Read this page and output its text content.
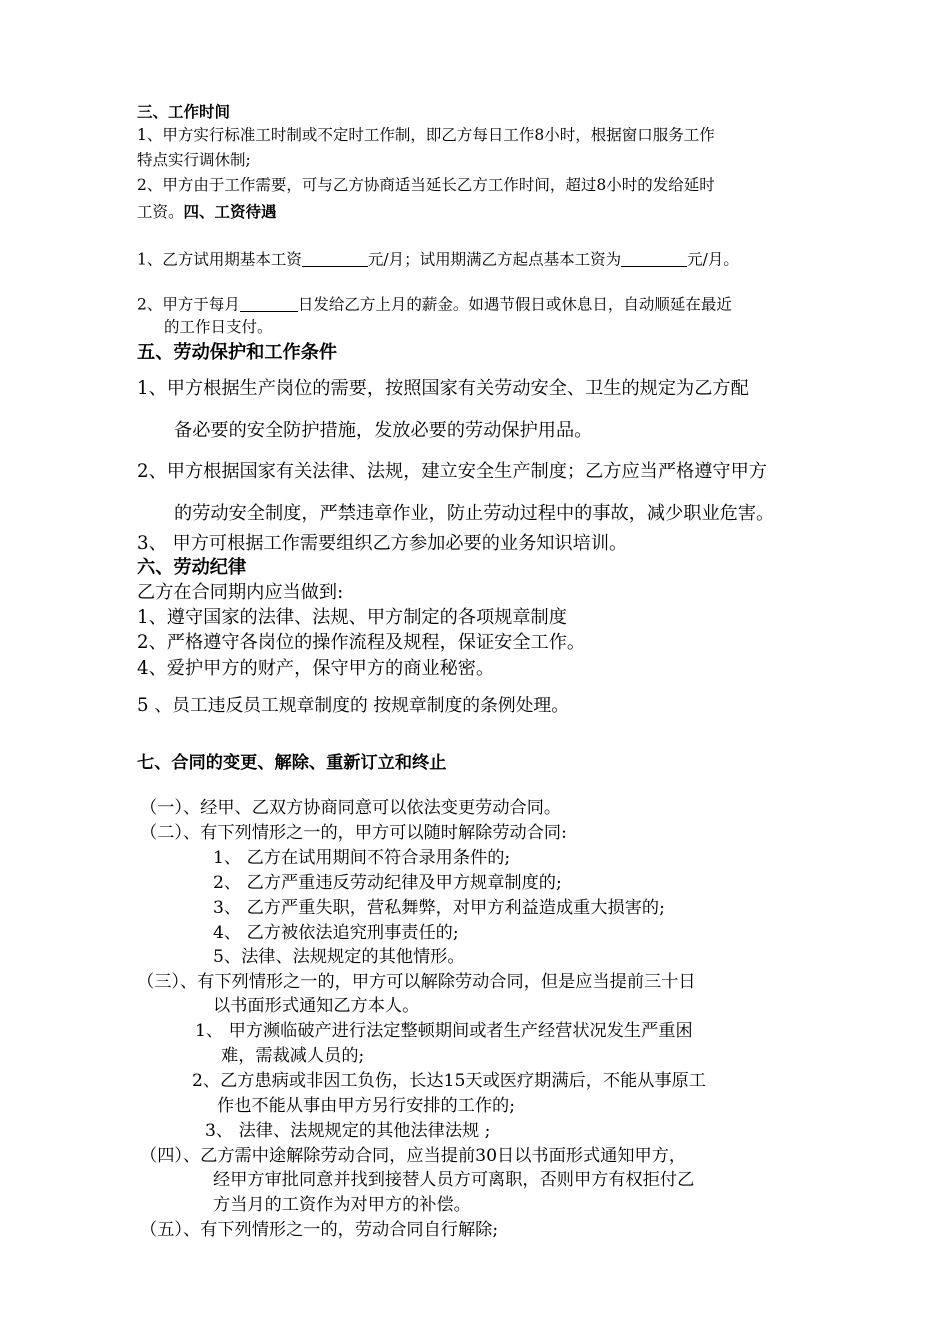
三、工作时间
1、甲方实行标准工时制或不定时工作制，即乙方每日工作8小时，根据窗口服务工作
特点实行调休制;
2、甲方由于工作需要，可与乙方协商适当延长乙方工作时间，超过8小时的发给延时
工资。四、工资待遇
1、乙方试用期基本工资	元/月；试用期满乙方起点基本工资为	元/月。
2、甲方于每月	日发给乙方上月的薪金。如遇节假日或休息日，自动顺延在最近
的工作日支付。
五、劳动保护和工作条件
1、甲方根据生产岗位的需要，按照国家有关劳动安全、卫生的规定为乙方配
备必要的安全防护措施，发放必要的劳动保护用品。
2、甲方根据国家有关法律、法规，建立安全生产制度；乙方应当严格遵守甲方
的劳动安全制度，严禁违章作业，防止劳动过程中的事故，减少职业危害。
3、 甲方可根据工作需要组织乙方参加必要的业务知识培训。
六、劳动纪律
乙方在合同期内应当做到:
1、遵守国家的法律、法规、甲方制定的各项规章制度
2、严格遵守各岗位的操作流程及规程，保证安全工作。
4、爱护甲方的财产，保守甲方的商业秘密。
5 、员工违反员工规章制度的 按规章制度的条例处理。
七、合同的变更、解除、重新订立和终止
（一）、经甲、乙双方协商同意可以依法变更劳动合同。
（二）、有下列情形之一的，甲方可以随时解除劳动合同:
1、 乙方在试用期间不符合录用条件的;
2、 乙方严重违反劳动纪律及甲方规章制度的;
3、 乙方严重失职，营私舞弊，对甲方利益造成重大损害的;
4、 乙方被依法追究刑事责任的;
5、法律、法规规定的其他情形。
（三）、有下列情形之一的，甲方可以解除劳动合同，但是应当提前三十日
以书面形式通知乙方本人。
1、 甲方濒临破产进行法定整顿期间或者生产经营状况发生严重困
难，需裁减人员的;
2、乙方患病或非因工负伤，长达15天或医疗期满后，不能从事原工
作也不能从事由甲方另行安排的工作的;
3、 法律、法规规定的其他法律法规 ;
（四）、乙方需中途解除劳动合同，应当提前30日以书面形式通知甲方，
经甲方审批同意并找到接替人员方可离职，否则甲方有权拒付乙
方当月的工资作为对甲方的补偿。
（五）、有下列情形之一的，劳动合同自行解除;
